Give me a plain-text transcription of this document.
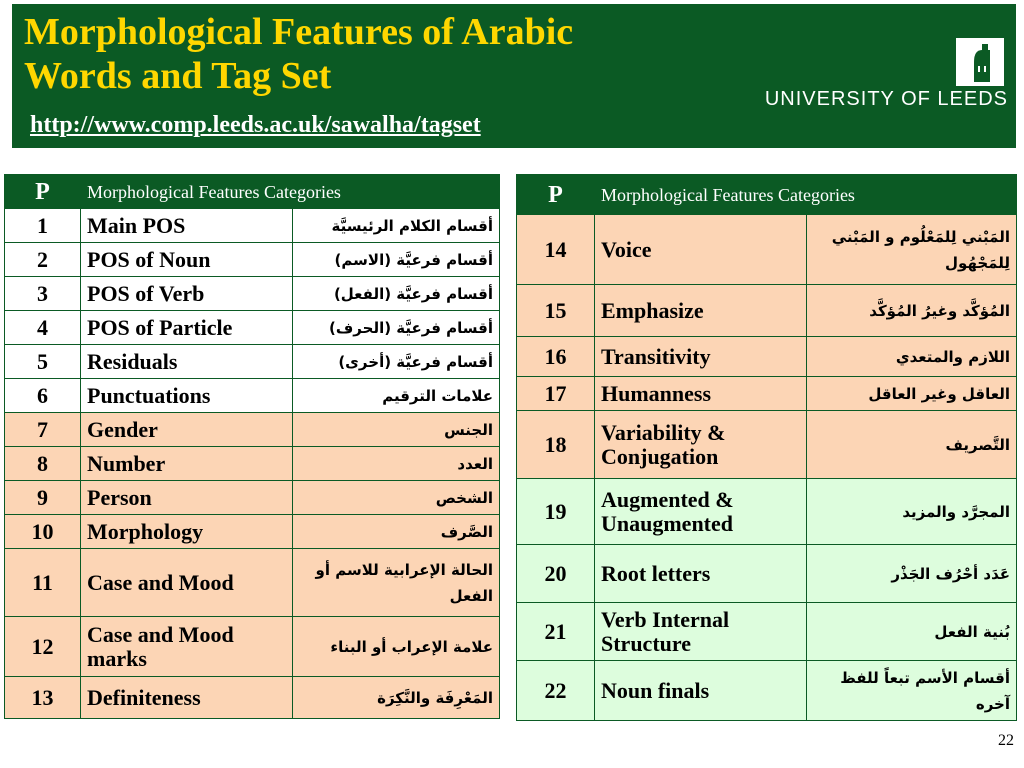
Morphological Features of Arabic
Words and Tag Set
http://www.comp.leeds.ac.uk/sawalha/tagset
UNIVERSITY OF LEEDS
P	Morphological Features Categories	
1	Main POS	أقسام الكلام الرئيسيَّة
2	POS of Noun	أقسام فرعيَّة (الاسم)
3	POS of Verb	أقسام فرعيَّة (الفعل)
4	POS of Particle	أقسام فرعيَّة (الحرف)
5	Residuals	أقسام فرعيَّة (أخرى)
6	Punctuations	علامات الترقيم
7	Gender	الجنس
8	Number	العدد
9	Person	الشخص
10	Morphology	الصَّرف
11	Case and Mood	الحالة الإعرابية للاسم أو الفعل
12	Case and Mood marks	علامة الإعراب أو البناء
13	Definiteness	المَعْرِفَة والنَّكِرَة
P	Morphological Features Categories	
14	Voice	المَبْني لِلمَعْلُوم و المَبْني لِلمَجْهُول
15	Emphasize	المُؤكَّد وغيرُ المُؤكَّد
16	Transitivity	اللازم والمتعدي
17	Humanness	العاقل وغير العاقل
18	Variability & Conjugation	التَّصريف
19	Augmented & Unaugmented	المجرَّد والمزيد
20	Root letters	عَدَد أحْرُف الجَذْر
21	Verb Internal Structure	بُنية الفعل
22	Noun finals	أقسام الأسم تبعاً للفظ آخره
22
